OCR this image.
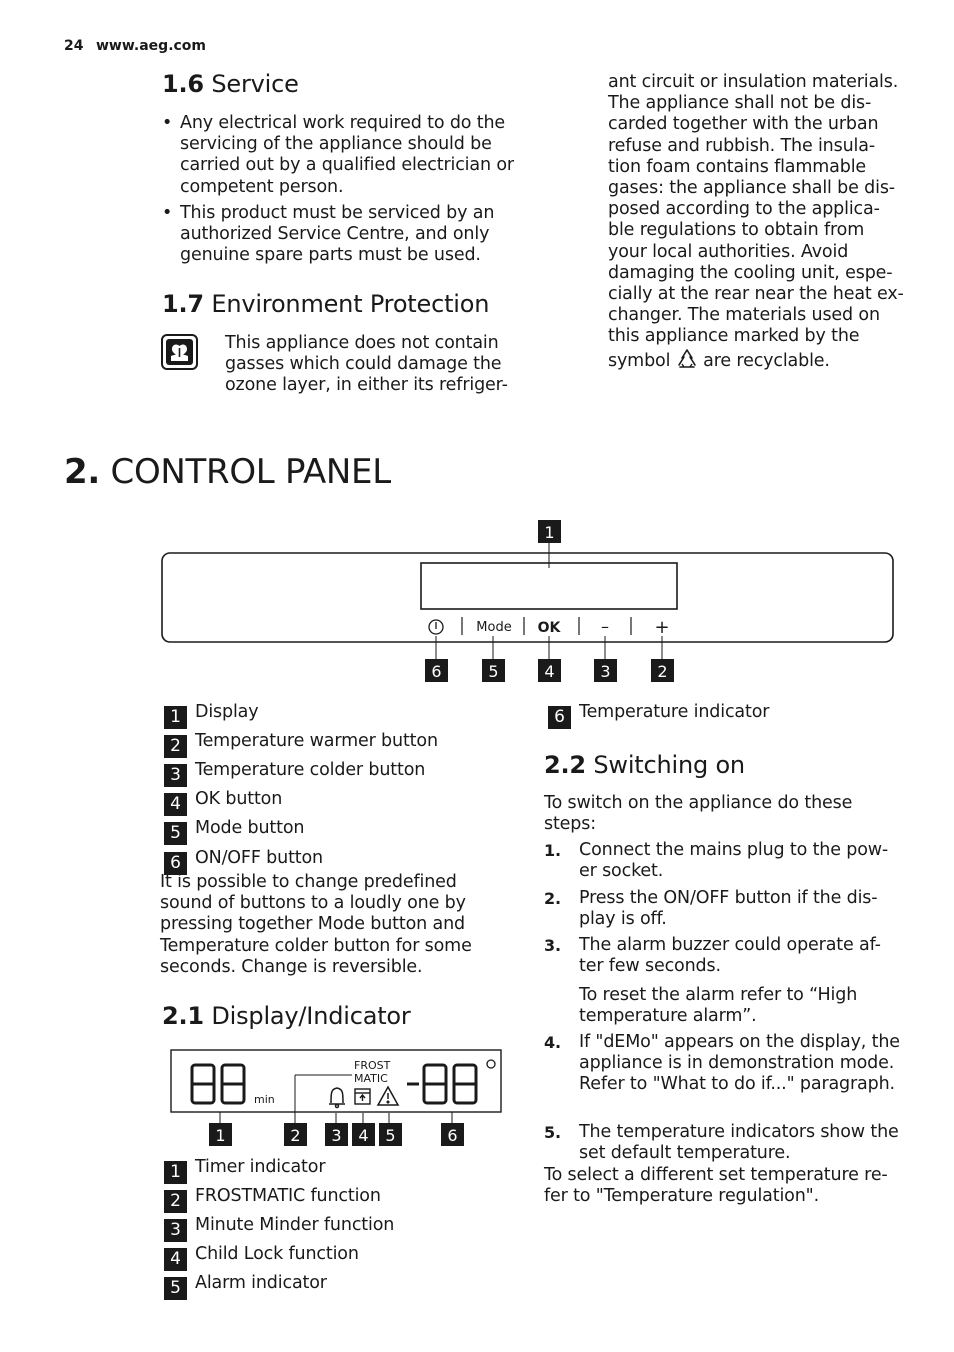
24 www.aeg.com
1.6 Service
• Any electrical work required to do the servicing of the appliance should be carried out by a qualified electrician or competent person.
• This product must be serviced by an authorized Service Centre, and only genuine spare parts must be used.
1.7 Environment Protection
This appliance does not contain gasses which could damage the ozone layer, in either its refriger-
ant circuit or insulation materials. The appliance shall not be dis-carded together with the urban refuse and rubbish. The insula-tion foam contains flammable gases: the appliance shall be dis-posed according to the applica-ble regulations to obtain from your local authorities. Avoid damaging the cooling unit, espe-cially at the rear near the heat ex-changer. The materials used on this appliance marked by the symbol are recyclable.
2. CONTROL PANEL
1
Mode OK	–	+
6	5	4	3	2
1 Display
2 Temperature warmer button
3 Temperature colder button
4 OK button
5 Mode button
6 ON/OFF button
6 Temperature indicator
It is possible to change predefined sound of buttons to a loudly one by pressing together Mode button and Temperature colder button for some seconds. Change is reversible.
2.1 Display/Indicator
min
FROST
MATIC
1	2 3 4 5	6
1 Timer indicator
2 FROSTMATIC function
3 Minute Minder function
4 Child Lock function
5 Alarm indicator
2.2 Switching on
To switch on the appliance do these steps:
1. Connect the mains plug to the pow-er socket.
2. Press the ON/OFF button if the dis-play is off.
3. The alarm buzzer could operate af-ter few seconds.
To reset the alarm refer to “High temperature alarm”.
4. If "dEMo" appears on the display, the appliance is in demonstration mode. Refer to "What to do if..." paragraph.
5. The temperature indicators show the set default temperature.
To select a different set temperature re-fer to "Temperature regulation".
